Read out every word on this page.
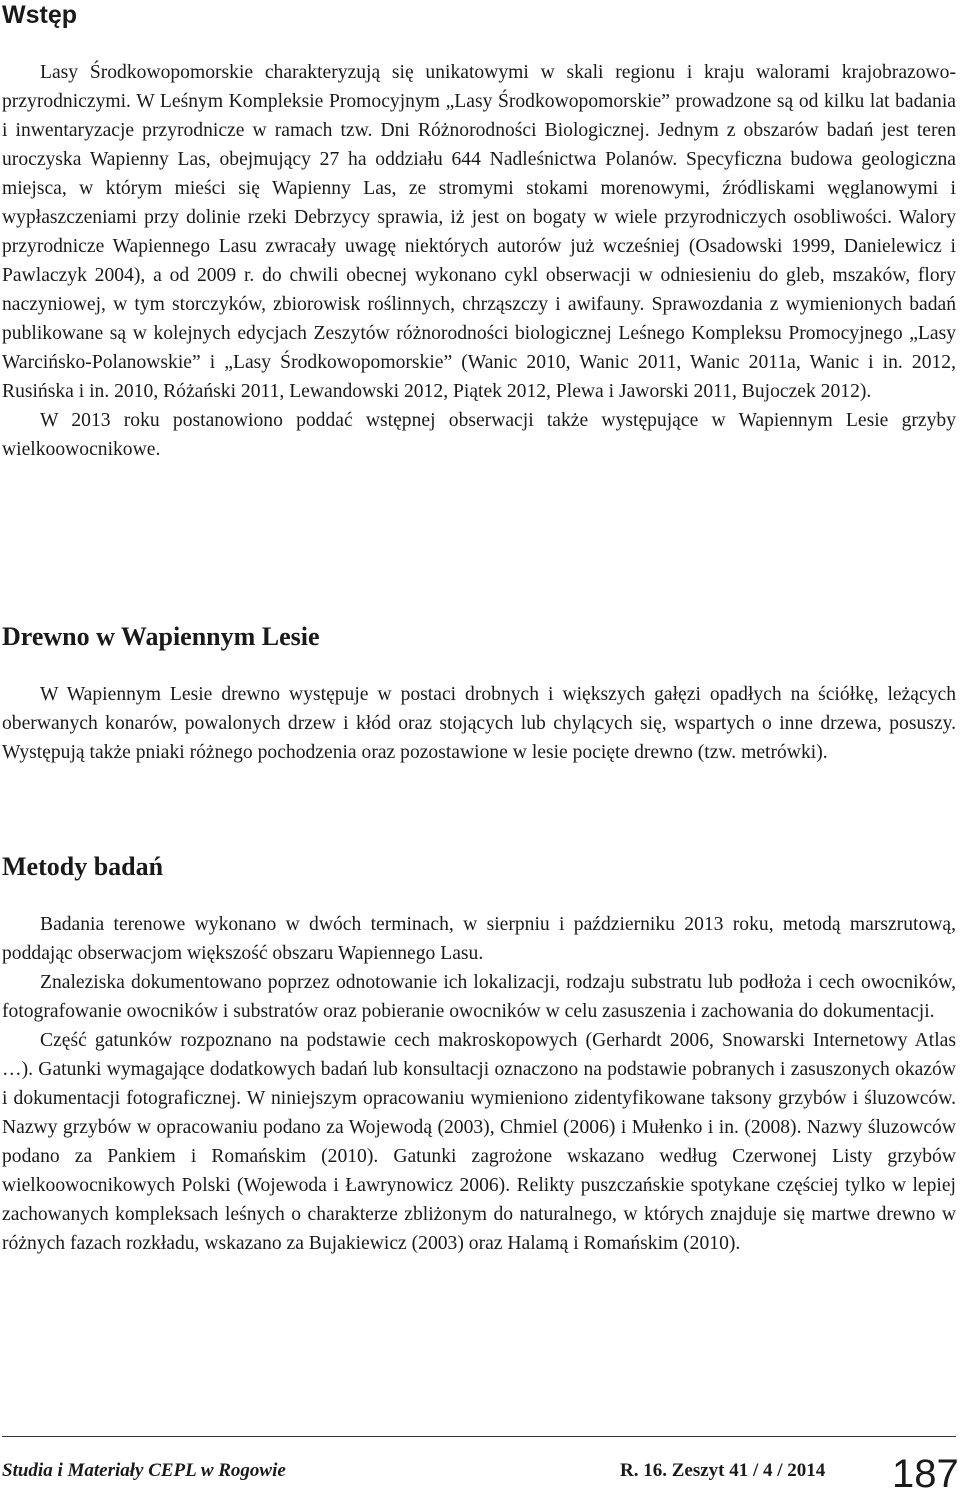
Wstęp

Lasy Środkowopomorskie charakteryzują się unikatowymi w skali regionu i kraju walorami krajobrazowo-przyrodniczymi. W Leśnym Kompleksie Promocyjnym „Lasy Środkowopomorskie” prowadzone są od kilku lat badania i inwentaryzacje przyrodnicze w ramach tzw. Dni Różnorodności Biologicznej. Jednym z obszarów badań jest teren uroczyska Wapienny Las, obejmujący 27 ha oddziału 644 Nadleśnictwa Polanów. Specyficzna budowa geologiczna miejsca, w którym mieści się Wapienny Las, ze stromymi stokami morenowymi, źródliskami węglanowymi i wypłaszczeniami przy dolinie rzeki Debrzycy sprawia, iż jest on bogaty w wiele przyrodniczych osobliwości. Walory przyrodnicze Wapiennego Lasu zwracały uwagę niektórych autorów już wcześniej (Osadowski 1999, Danielewicz i Pawlaczyk 2004), a od 2009 r. do chwili obecnej wykonano cykl obserwacji w odniesieniu do gleb, mszaków, flory naczyniowej, w tym storczyków, zbiorowisk roślinnych, chrząszczy i awifauny. Sprawozdania z wymienionych badań publikowane są w kolejnych edycjach Zeszytów różnorodności biologicznej Leśnego Kompleksu Promocyjnego „Lasy Warcińsko-Polanowskie” i „Lasy Środkowopomorskie” (Wanic 2010, Wanic 2011, Wanic 2011a, Wanic i in. 2012, Rusińska i in. 2010, Różański 2011, Lewandowski 2012, Piątek 2012, Plewa i Jaworski 2011, Bujoczek 2012).

W 2013 roku postanowiono poddać wstępnej obserwacji także występujące w Wapiennym Lesie grzyby wielkoowocnikowe.

Drewno w Wapiennym Lesie

W Wapiennym Lesie drewno występuje w postaci drobnych i większych gałęzi opadłych na ściółkę, leżących oberwanych konarów, powalonych drzew i kłód oraz stojących lub chylących się, wspartych o inne drzewa, posuszy. Występują także pniaki różnego pochodzenia oraz pozostawione w lesie pocięte drewno (tzw. metrówki).

Metody badań

Badania terenowe wykonano w dwóch terminach, w sierpniu i październiku 2013 roku, metodą marszrutową, poddając obserwacjom większość obszaru Wapiennego Lasu.

Znaleziska dokumentowano poprzez odnotowanie ich lokalizacji, rodzaju substratu lub podłoża i cech owocników, fotografowanie owocników i substratów oraz pobieranie owocników w celu zasuszenia i zachowania do dokumentacji.

Część gatunków rozpoznano na podstawie cech makroskopowych (Gerhardt 2006, Snowarski Internetowy Atlas …). Gatunki wymagające dodatkowych badań lub konsultacji oznaczono na podstawie pobranych i zasuszonych okazów i dokumentacji fotograficznej. W niniejszym opracowaniu wymieniono zidentyfikowane taksony grzybów i śluzowców. Nazwy grzybów w opracowaniu podano za Wojewodą (2003), Chmiel (2006) i Mułenko i in. (2008). Nazwy śluzowców podano za Pankiem i Romańskim (2010). Gatunki zagrożone wskazano według Czerwonej Listy grzybów wielkoowocnikowych Polski (Wojewoda i Ławrynowicz 2006). Relikty puszczańskie spotykane częściej tylko w lepiej zachowanych kompleksach leśnych o charakterze zbliżonym do naturalnego, w których znajduje się martwe drewno w różnych fazach rozkładu, wskazano za Bujakiewicz (2003) oraz Halamą i Romańskim (2010).

Studia i Materiały CEPL w Rogowie	R. 16. Zeszyt 41 / 4 / 2014 187
